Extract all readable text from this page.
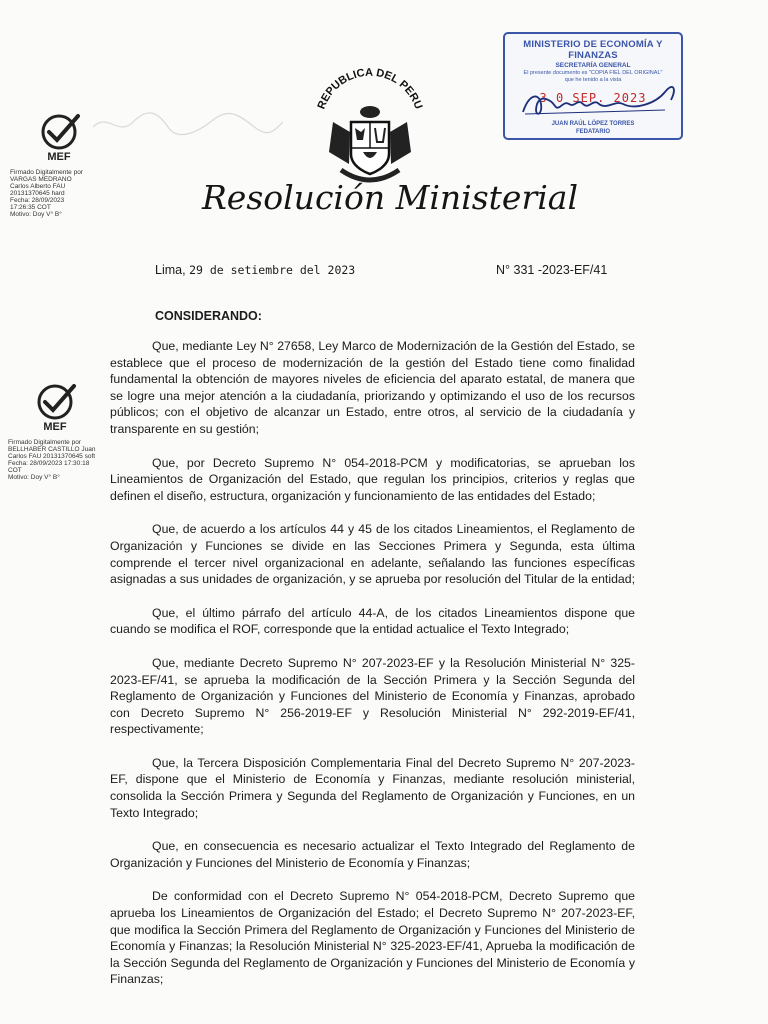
MINISTERIO DE ECONOMÍA Y FINANZAS
SECRETARÍA GENERAL
El presente documento es "COPIA FIEL DEL ORIGINAL"
que he tenido a la vista
3 0 SEP. 2023
JUAN RAÚL LÓPEZ TORRES
FEDATARIO
REPUBLICA DEL PERU
Resolución Ministerial
MEF
Firmado Digitalmente por
VARGAS MEDRANO
Carlos Alberto FAU
20131370645 hard
Fecha: 28/09/2023
17:26:35 COT
Motivo: Doy V° B°
MEF
Firmado Digitalmente por
BELLHABER CASTILLO Juan
Carlos FAU 20131370645 soft
Fecha: 28/09/2023 17:30:18
COT
Motivo: Doy V° B°
Lima, 29 de setiembre del 2023	N° 331 -2023-EF/41
CONSIDERANDO:

Que, mediante Ley N° 27658, Ley Marco de Modernización de la Gestión del Estado, se establece que el proceso de modernización de la gestión del Estado tiene como finalidad fundamental la obtención de mayores niveles de eficiencia del aparato estatal, de manera que se logre una mejor atención a la ciudadanía, priorizando y optimizando el uso de los recursos públicos; con el objetivo de alcanzar un Estado, entre otros, al servicio de la ciudadanía y transparente en su gestión;

Que, por Decreto Supremo N° 054-2018-PCM y modificatorias, se aprueban los Lineamientos de Organización del Estado, que regulan los principios, criterios y reglas que definen el diseño, estructura, organización y funcionamiento de las entidades del Estado;

Que, de acuerdo a los artículos 44 y 45 de los citados Lineamientos, el Reglamento de Organización y Funciones se divide en las Secciones Primera y Segunda, esta última comprende el tercer nivel organizacional en adelante, señalando las funciones específicas asignadas a sus unidades de organización, y se aprueba por resolución del Titular de la entidad;

Que, el último párrafo del artículo 44-A, de los citados Lineamientos dispone que cuando se modifica el ROF, corresponde que la entidad actualice el Texto Integrado;

Que, mediante Decreto Supremo N° 207-2023-EF y la Resolución Ministerial N° 325-2023-EF/41, se aprueba la modificación de la Sección Primera y la Sección Segunda del Reglamento de Organización y Funciones del Ministerio de Economía y Finanzas, aprobado con Decreto Supremo N° 256-2019-EF y Resolución Ministerial N° 292-2019-EF/41, respectivamente;

Que, la Tercera Disposición Complementaria Final del Decreto Supremo N° 207-2023-EF, dispone que el Ministerio de Economía y Finanzas, mediante resolución ministerial, consolida la Sección Primera y Segunda del Reglamento de Organización y Funciones, en un Texto Integrado;

Que, en consecuencia es necesario actualizar el Texto Integrado del Reglamento de Organización y Funciones del Ministerio de Economía y Finanzas;

De conformidad con el Decreto Supremo N° 054-2018-PCM, Decreto Supremo que aprueba los Lineamientos de Organización del Estado; el Decreto Supremo N° 207-2023-EF, que modifica la Sección Primera del Reglamento de Organización y Funciones del Ministerio de Economía y Finanzas; la Resolución Ministerial N° 325-2023-EF/41, Aprueba la modificación de la Sección Segunda del Reglamento de Organización y Funciones del Ministerio de Economía y Finanzas;
